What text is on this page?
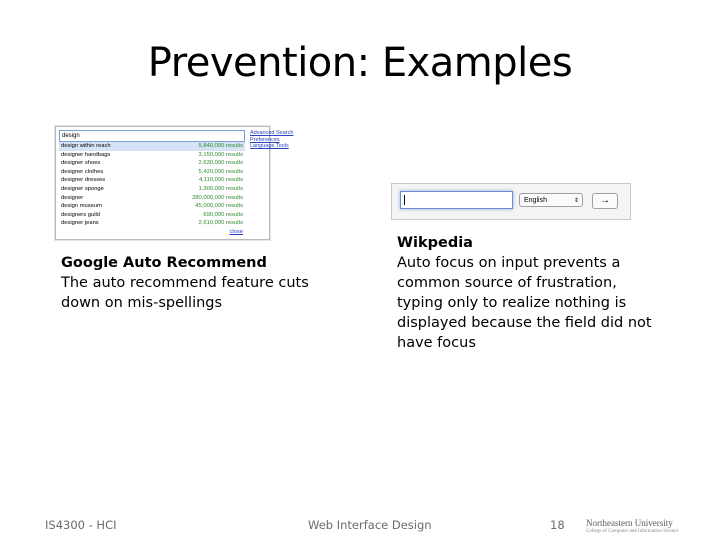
Prevention: Examples
design
design within reach	5,840,000 results
designer handbags	3,150,000 results
designer shoes	2,630,000 results
designer clothes	5,420,000 results
designer dresses	4,110,000 results
designer sponge	1,300,000 results
designer	280,000,000 results
design museum	45,000,000 results
designers guild	690,000 results
designer jeans	2,610,000 results
close
Advanced Search
Preferences
Language Tools
English	⇕	→
Google Auto Recommend
The auto recommend feature cuts down on mis-spellings
Wikpedia
Auto focus on input prevents a common source of frustration, typing only to realize nothing is displayed because the field did not have focus
IS4300 - HCI	Web Interface Design	18 Northeastern University
College of Computer and Information Science
